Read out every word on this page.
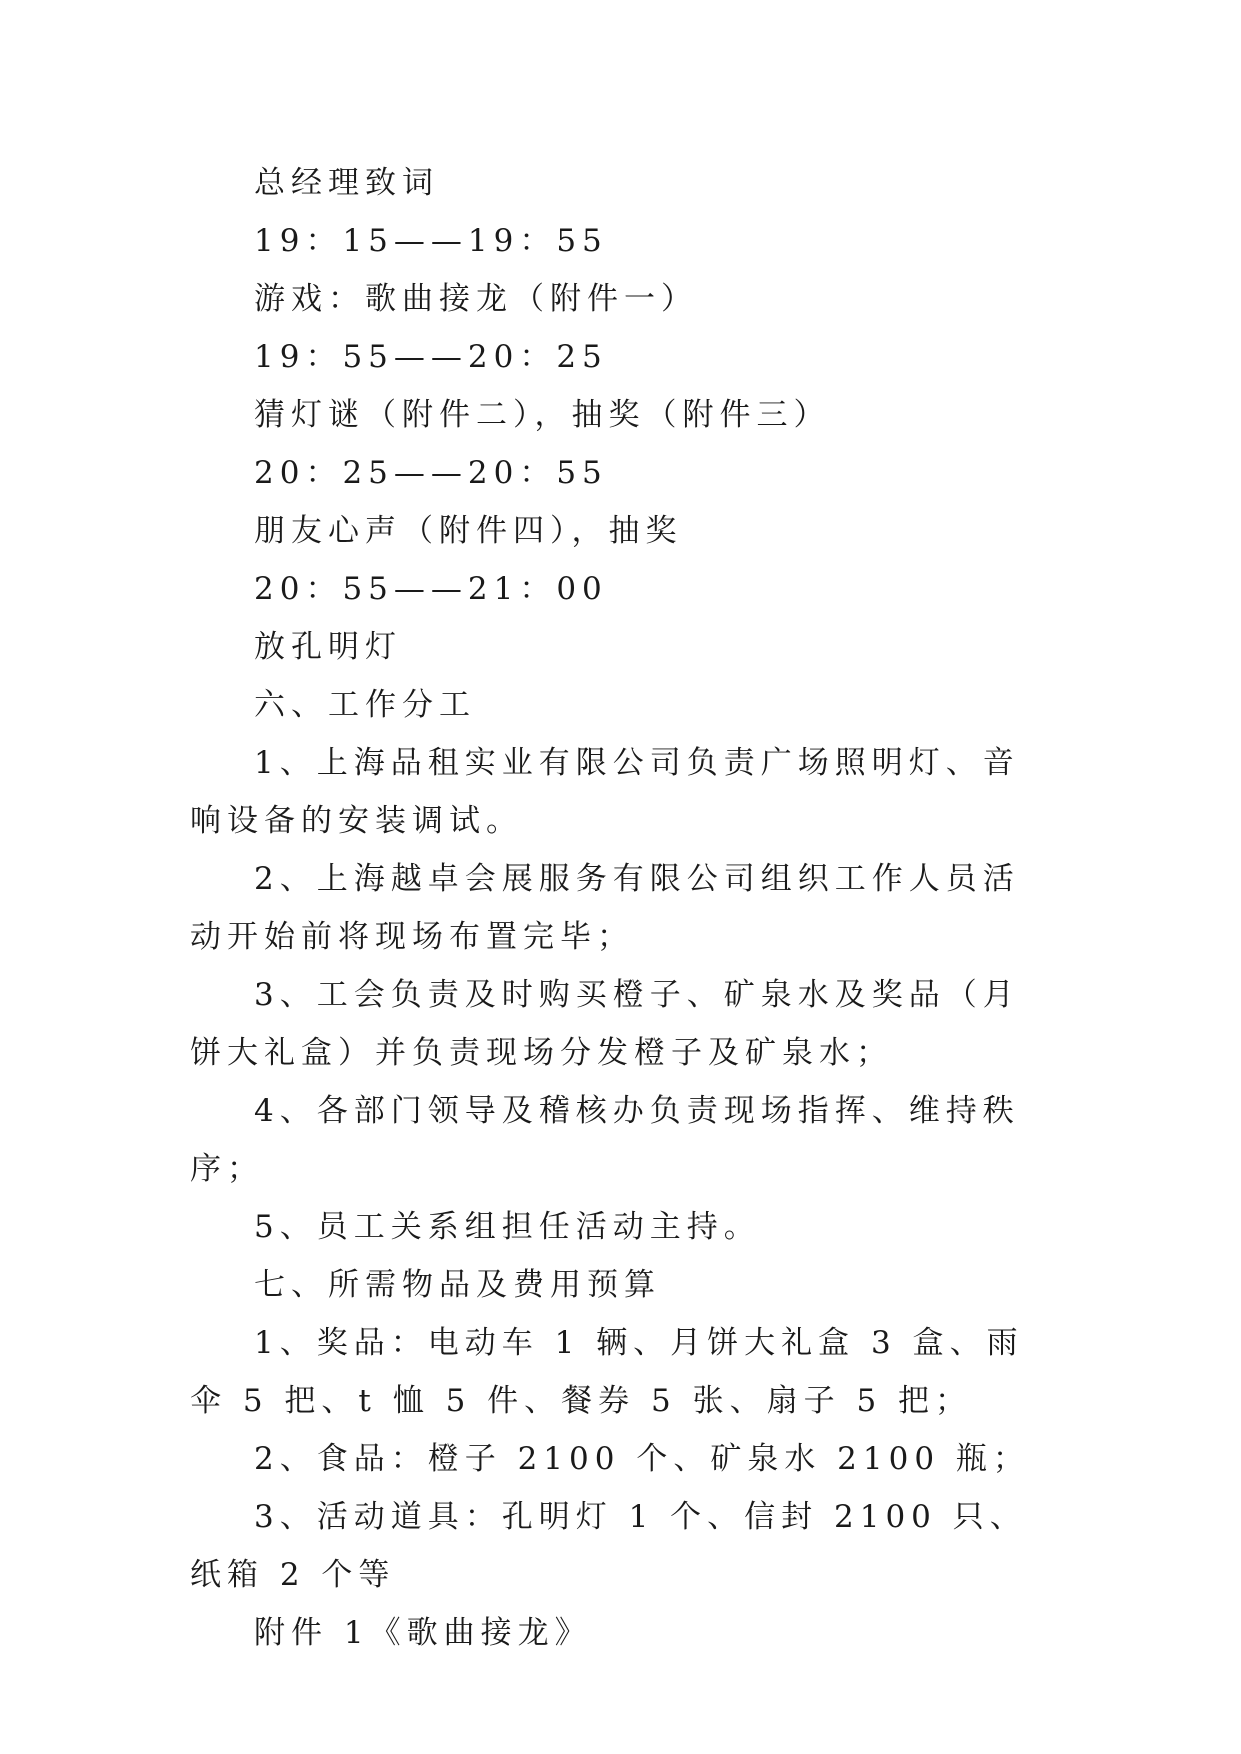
总经理致词
19：15——19：55
游戏：歌曲接龙（附件一）
19：55——20：25
猜灯谜（附件二），抽奖（附件三）
20：25——20：55
朋友心声（附件四），抽奖
20：55——21：00
放孔明灯
六、工作分工

1、上海品租实业有限公司负责广场照明灯、音响设备的安装调试。

2、上海越卓会展服务有限公司组织工作人员活动开始前将现场布置完毕；

3、工会负责及时购买橙子、矿泉水及奖品（月饼大礼盒）并负责现场分发橙子及矿泉水；

4、各部门领导及稽核办负责现场指挥、维持秩序；

5、员工关系组担任活动主持。

七、所需物品及费用预算

1、奖品：电动车 1 辆、月饼大礼盒 3 盒、雨伞 5 把、t 恤 5 件、餐券 5 张、扇子 5 把；

2、食品：橙子 2100 个、矿泉水 2100 瓶；

3、活动道具：孔明灯 1 个、信封 2100 只、纸箱 2 个等

附件 1《歌曲接龙》
